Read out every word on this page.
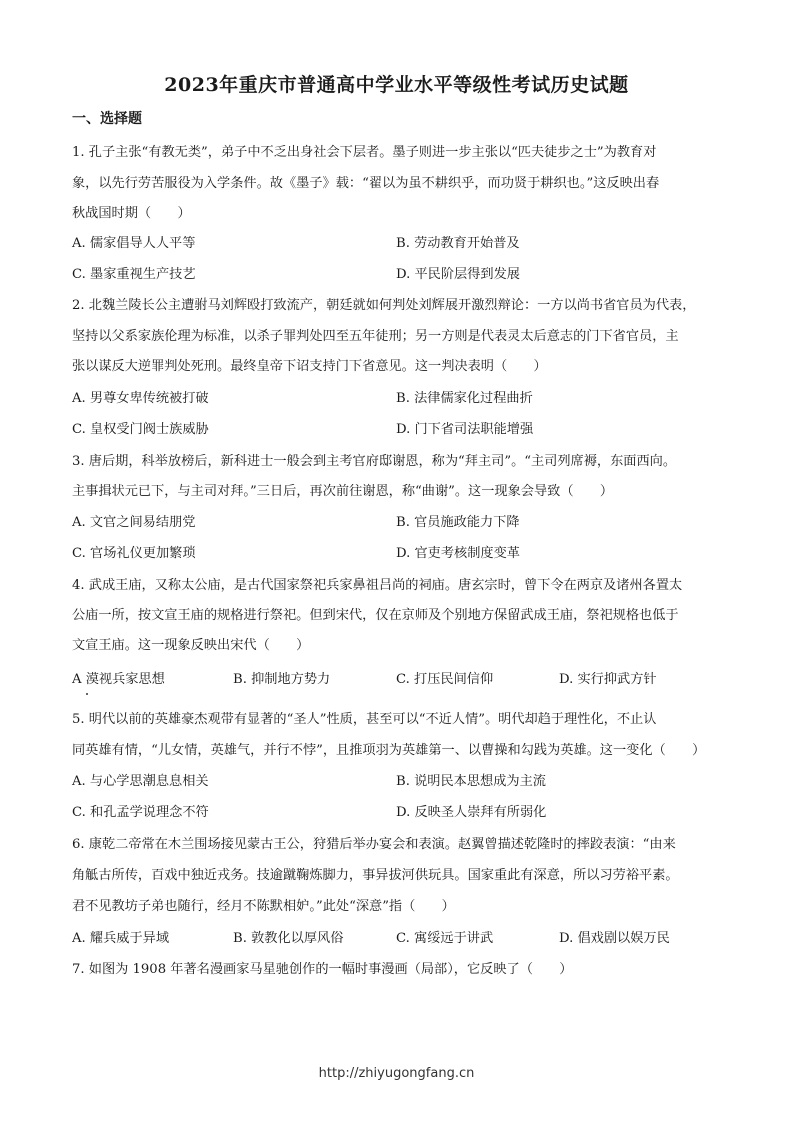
2023年重庆市普通高中学业水平等级性考试历史试题
一、选择题
1. 孔子主张“有教无类”，弟子中不乏出身社会下层者。墨子则进一步主张以“匹夫徒步之士”为教育对
象，以先行劳苦服役为入学条件。故《墨子》载：“翟以为虽不耕织乎，而功贤于耕织也。”这反映出春
秋战国时期（　　）
A. 儒家倡导人人平等	B. 劳动教育开始普及
C. 墨家重视生产技艺	D. 平民阶层得到发展
2. 北魏兰陵长公主遭驸马刘辉殴打致流产，朝廷就如何判处刘辉展开激烈辩论：一方以尚书省官员为代表，
坚持以父系家族伦理为标准，以杀子罪判处四至五年徒刑；另一方则是代表灵太后意志的门下省官员，主
张以谋反大逆罪判处死刑。最终皇帝下诏支持门下省意见。这一判决表明（　　）
A. 男尊女卑传统被打破	B. 法律儒家化过程曲折
C. 皇权受门阀士族威胁	D. 门下省司法职能增强
3. 唐后期，科举放榜后，新科进士一般会到主考官府邸谢恩，称为“拜主司”。“主司列席褥，东面西向。
主事揖状元已下，与主司对拜。”三日后，再次前往谢恩，称“曲谢”。这一现象会导致（　　）
A. 文官之间易结朋党	B. 官员施政能力下降
C. 官场礼仪更加繁琐	D. 官吏考核制度变革
4. 武成王庙，又称太公庙，是古代国家祭祀兵家鼻祖吕尚的祠庙。唐玄宗时，曾下令在两京及诸州各置太
公庙一所，按文宣王庙的规格进行祭祀。但到宋代，仅在京师及个别地方保留武成王庙，祭祀规格也低于
文宣王庙。这一现象反映出宋代（　　）
A 漠视兵家思想	B. 抑制地方势力	C. 打压民间信仰	D. 实行抑武方针
5. 明代以前的英雄豪杰观带有显著的“圣人”性质，甚至可以“不近人情”。明代却趋于理性化，不止认
同英雄有情，“儿女情，英雄气，并行不悖”，且推项羽为英雄第一、以曹操和勾践为英雄。这一变化（　　）
A. 与心学思潮息息相关	B. 说明民本思想成为主流
C. 和孔孟学说理念不符	D. 反映圣人崇拜有所弱化
6. 康乾二帝常在木兰围场接见蒙古王公，狩猎后举办宴会和表演。赵翼曾描述乾隆时的摔跤表演：“由来
角觝古所传，百戏中独近戎务。技逾蹴鞠炼脚力，事异拔河供玩具。国家重此有深意，所以习劳裕平素。
君不见教坊子弟也随行，经月不陈默相妒。”此处“深意”指（　　）
A. 耀兵威于异域	B. 敦教化以厚风俗	C. 寓绥远于讲武	D. 倡戏剧以娱万民
7. 如图为 1908 年著名漫画家马星驰创作的一幅时事漫画（局部），它反映了（　　）
http://zhiyugongfang.cn
